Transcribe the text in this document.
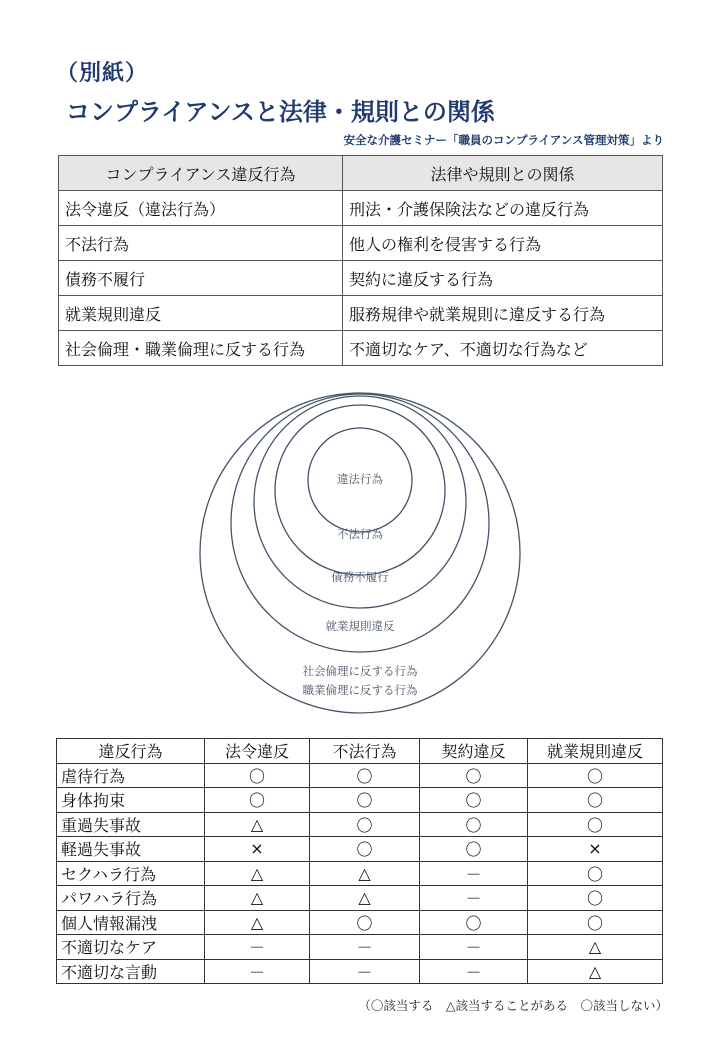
（別紙）
コンプライアンスと法律・規則との関係
安全な介護セミナー「職員のコンプライアンス管理対策」より
コンプライアンス違反行為	法律や規則との関係
法令違反（違法行為）	刑法・介護保険法などの違反行為
不法行為	他人の権利を侵害する行為
債務不履行	契約に違反する行為
就業規則違反	服務規律や就業規則に違反する行為
社会倫理・職業倫理に反する行為	不適切なケア、不適切な行為など
違法行為
不法行為
債務不履行
就業規則違反
社会倫理に反する行為
職業倫理に反する行為
違反行為	法令違反	不法行為	契約違反	就業規則違反
虐待行為	〇	〇	〇	〇
身体拘束	〇	〇	〇	〇
重過失事故	△	〇	〇	〇
軽過失事故	×	〇	〇	×
セクハラ行為	△	△	－	〇
パワハラ行為	△	△	－	〇
個人情報漏洩	△	〇	〇	〇
不適切なケア	－	－	－	△
不適切な言動	－	－	－	△
（〇該当する　△該当することがある　〇該当しない）
